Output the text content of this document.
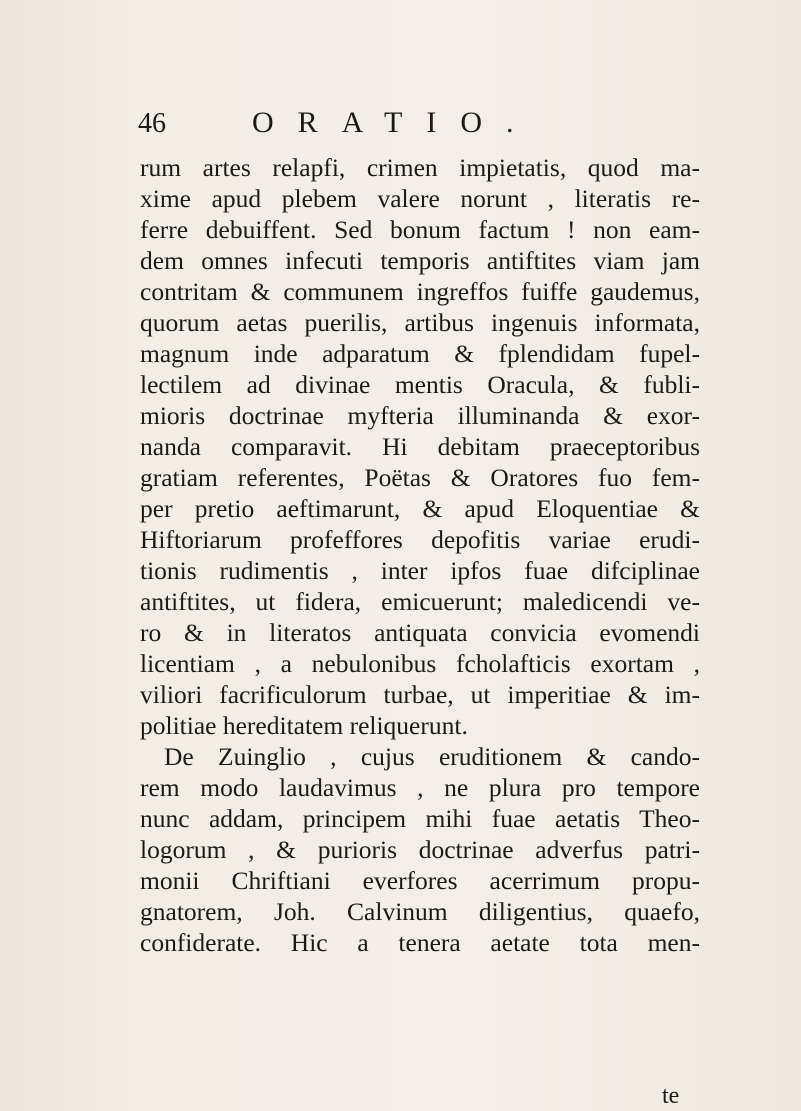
46	ORATIO.
rum artes relapfi, crimen impietatis, quod ma-
xime apud plebem valere norunt , literatis re-
ferre debuiffent. Sed bonum factum ! non eam-
dem omnes infecuti temporis antiftites viam jam
contritam & communem ingreffos fuiffe gaudemus,
quorum aetas puerilis, artibus ingenuis informata,
magnum inde adparatum & fplendidam fupel-
lectilem ad divinae mentis Oracula, & fubli-
mioris doctrinae myfteria illuminanda & exor-
nanda comparavit. Hi debitam praeceptoribus
gratiam referentes, Poëtas & Oratores fuo fem-
per pretio aeftimarunt, & apud Eloquentiae &
Hiftoriarum profeffores depofitis variae erudi-
tionis rudimentis , inter ipfos fuae difciplinae
antiftites, ut fidera, emicuerunt; maledicendi ve-
ro & in literatos antiquata convicia evomendi
licentiam , a nebulonibus fcholafticis exortam ,
viliori facrificulorum turbae, ut imperitiae & im-
politiae hereditatem reliquerunt.
De Zuinglio , cujus eruditionem & cando-
rem modo laudavimus , ne plura pro tempore
nunc addam, principem mihi fuae aetatis Theo-
logorum , & purioris doctrinae adverfus patri-
monii Chriftiani everfores acerrimum propu-
gnatorem, Joh. Calvinum diligentius, quaefo,
confiderate. Hic a tenera aetate tota men-
te
